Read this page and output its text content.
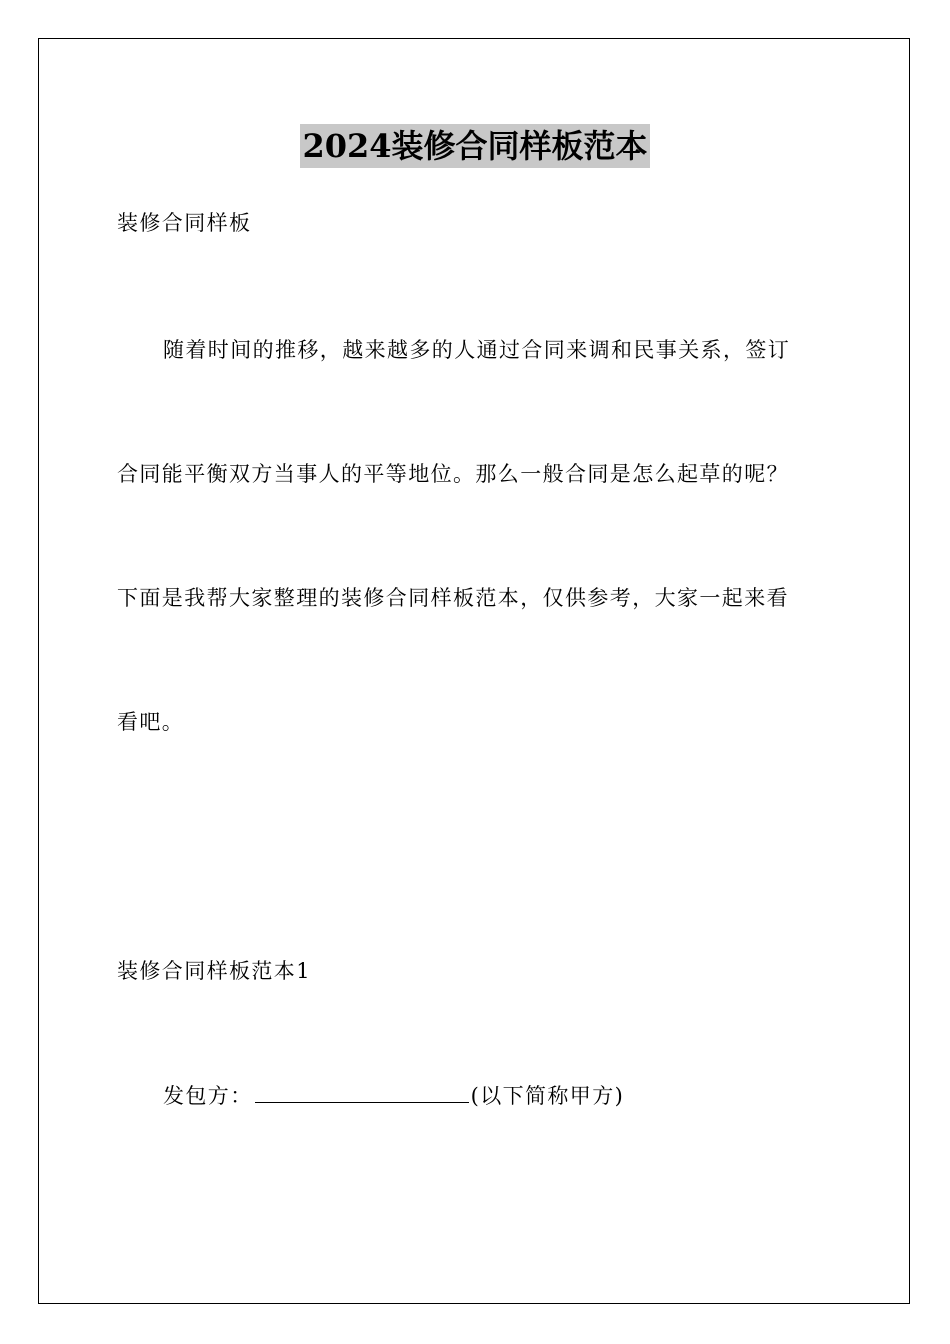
2024装修合同样板范本
装修合同样板
随着时间的推移，越来越多的人通过合同来调和民事关系，签订
合同能平衡双方当事人的平等地位。那么一般合同是怎么起草的呢？
下面是我帮大家整理的装修合同样板范本，仅供参考，大家一起来看
看吧。
装修合同样板范本1
发包方：	(以下简称甲方)
